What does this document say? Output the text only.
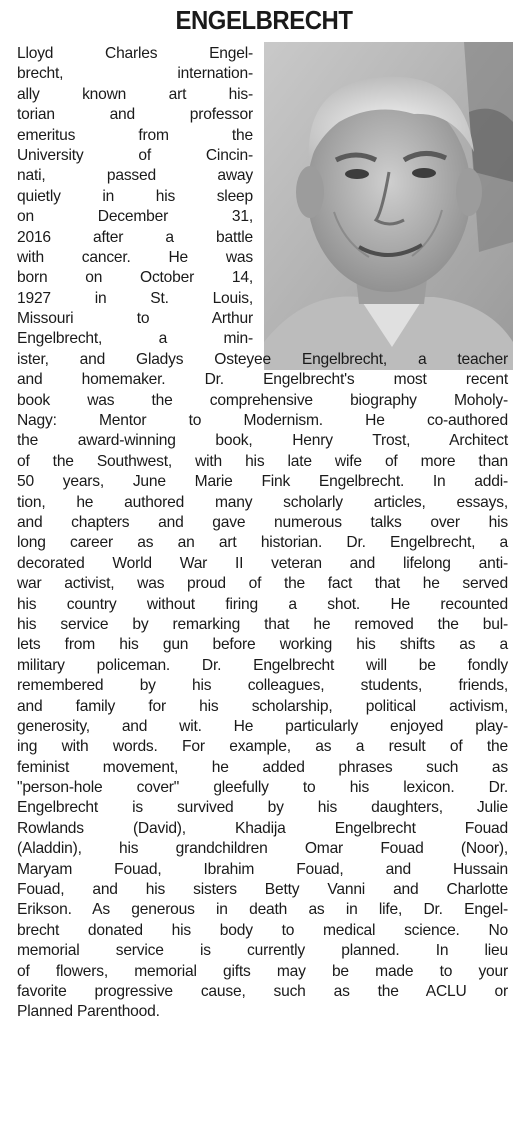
ENGELBRECHT
Lloyd Charles Engel-
brecht, internation-
ally known art his-
torian and professor
emeritus from the
University of Cincin-
nati, passed away
quietly in his sleep
on December 31,
2016 after a battle
with cancer. He was
born on October 14,
1927 in St. Louis,
Missouri to Arthur
Engelbrecht, a min-
ister, and Gladys Osteyee Engelbrecht, a teacher
and homemaker. Dr. Engelbrecht's most recent
book was the comprehensive biography Moholy-
Nagy: Mentor to Modernism. He co-authored
the award-winning book, Henry Trost, Architect
of the Southwest, with his late wife of more than
50 years, June Marie Fink Engelbrecht. In addi-
tion, he authored many scholarly articles, essays,
and chapters and gave numerous talks over his
long career as an art historian. Dr. Engelbrecht, a
decorated World War II veteran and lifelong anti-
war activist, was proud of the fact that he served
his country without firing a shot. He recounted
his service by remarking that he removed the bul-
lets from his gun before working his shifts as a
military policeman. Dr. Engelbrecht will be fondly
remembered by his colleagues, students, friends,
and family for his scholarship, political activism,
generosity, and wit. He particularly enjoyed play-
ing with words. For example, as a result of the
feminist movement, he added phrases such as
"person-hole cover" gleefully to his lexicon. Dr.
Engelbrecht is survived by his daughters, Julie
Rowlands (David), Khadija Engelbrecht Fouad
(Aladdin), his grandchildren Omar Fouad (Noor),
Maryam Fouad, Ibrahim Fouad, and Hussain
Fouad, and his sisters Betty Vanni and Charlotte
Erikson. As generous in death as in life, Dr. Engel-
brecht donated his body to medical science. No
memorial service is currently planned. In lieu
of flowers, memorial gifts may be made to your
favorite progressive cause, such as the ACLU or
Planned Parenthood.
